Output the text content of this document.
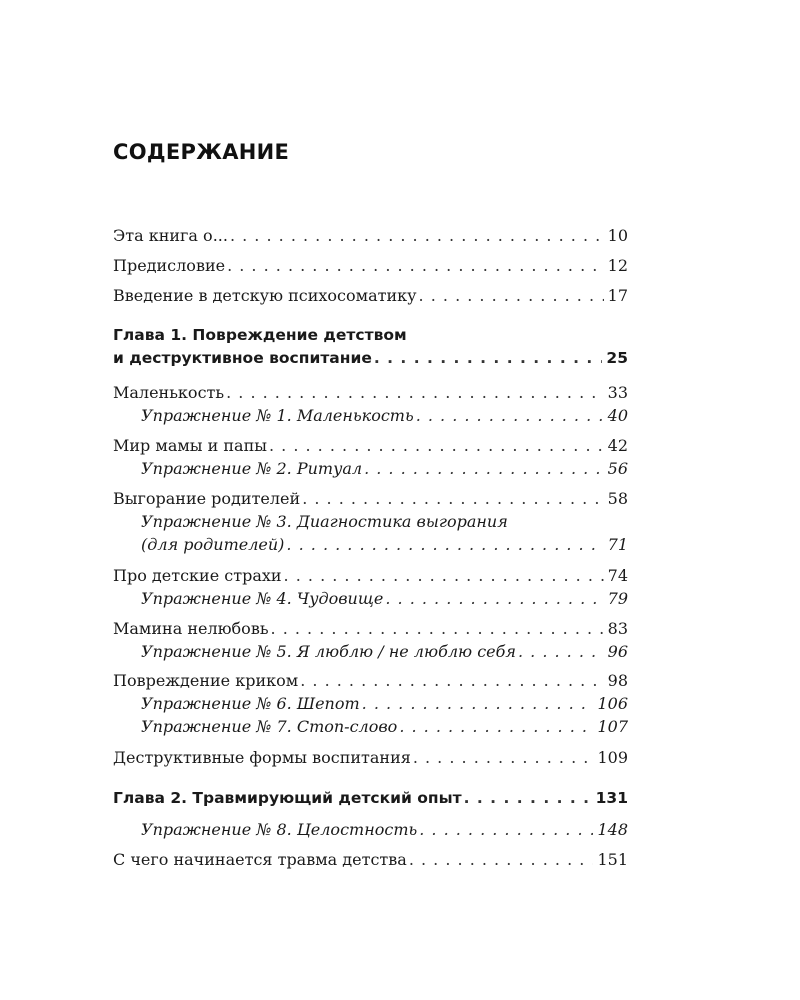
СОДЕРЖАНИЕ
Эта книга о... . . .	10
Предисловие . . .	12
Введение в детскую психосоматику . . .	17
Глава 1. Повреждение детством
и деструктивное воспитание . . .	25
Маленькость . . .	33
Упражнение № 1. Маленькость . . .	40
Мир мамы и папы . . .	42
Упражнение № 2. Ритуал . . .	56
Выгорание родителей . . .	58
Упражнение № 3. Диагностика выгорания
(для родителей) . . .	71
Про детские страхи . . .	74
Упражнение № 4. Чудовище . . .	79
Мамина нелюбовь . . .	83
Упражнение № 5. Я люблю / не люблю себя . . .	96
Повреждение криком . . .	98
Упражнение № 6. Шепот . . .	106
Упражнение № 7. Стоп-слово . . .	107
Деструктивные формы воспитания . . .	109
Глава 2. Травмирующий детский опыт . . .	131
Упражнение № 8. Целостность . . .	148
С чего начинается травма детства . . .	151
